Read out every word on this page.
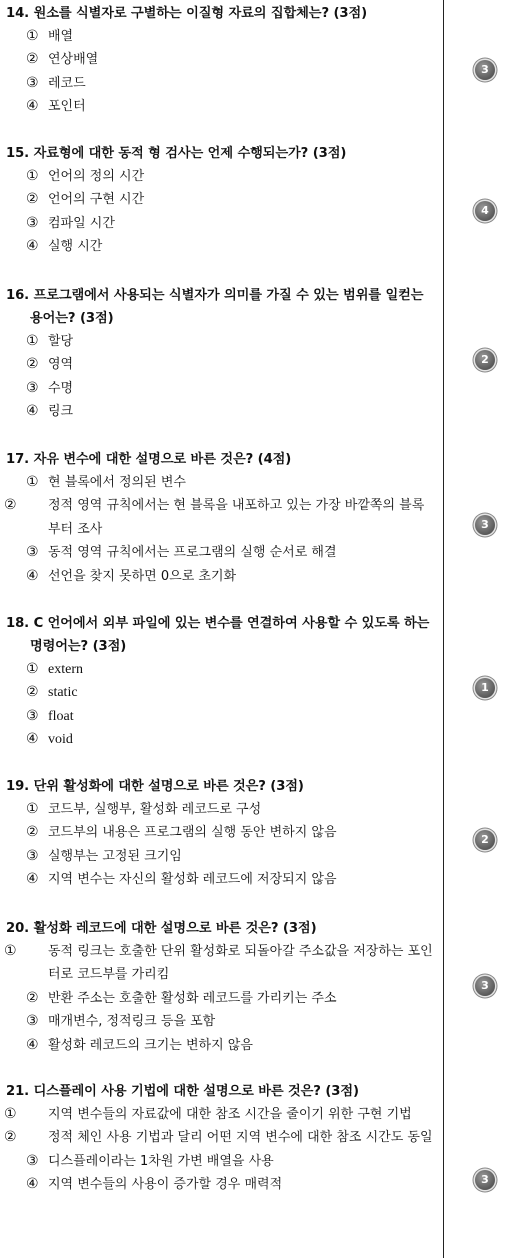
14. 원소를 식별자로 구별하는 이질형 자료의 집합체는? (3점)
① 배열
② 연상배열
③ 레코드
④ 포인터
3
15. 자료형에 대한 동적 형 검사는 언제 수행되는가? (3점)
① 언어의 정의 시간
② 언어의 구현 시간
③ 컴파일 시간
④ 실행 시간
4
16. 프로그램에서 사용되는 식별자가 의미를 가질 수 있는 범위를 일컫는 용어는? (3점)
① 할당
② 영역
③ 수명
④ 링크
2
17. 자유 변수에 대한 설명으로 바른 것은? (4점)
① 현 블록에서 정의된 변수
② 정적 영역 규칙에서는 현 블록을 내포하고 있는 가장 바깥쪽의 블록부터 조사
③ 동적 영역 규칙에서는 프로그램의 실행 순서로 해결
④ 선언을 찾지 못하면 0으로 초기화
3
18. C 언어에서 외부 파일에 있는 변수를 연결하여 사용할 수 있도록 하는 명령어는? (3점)
① extern
② static
③ float
④ void
1
19. 단위 활성화에 대한 설명으로 바른 것은? (3점)
① 코드부, 실행부, 활성화 레코드로 구성
② 코드부의 내용은 프로그램의 실행 동안 변하지 않음
③ 실행부는 고정된 크기임
④ 지역 변수는 자신의 활성화 레코드에 저장되지 않음
2
20. 활성화 레코드에 대한 설명으로 바른 것은? (3점)
① 동적 링크는 호출한 단위 활성화로 되돌아갈 주소값을 저장하는 포인터로 코드부를 가리킴
② 반환 주소는 호출한 활성화 레코드를 가리키는 주소
③ 매개변수, 정적링크 등을 포함
④ 활성화 레코드의 크기는 변하지 않음
3
21. 디스플레이 사용 기법에 대한 설명으로 바른 것은? (3점)
① 지역 변수들의 자료값에 대한 참조 시간을 줄이기 위한 구현 기법
② 정적 체인 사용 기법과 달리 어떤 지역 변수에 대한 참조 시간도 동일
③ 디스플레이라는 1차원 가변 배열을 사용
④ 지역 변수들의 사용이 증가할 경우 매력적	3
